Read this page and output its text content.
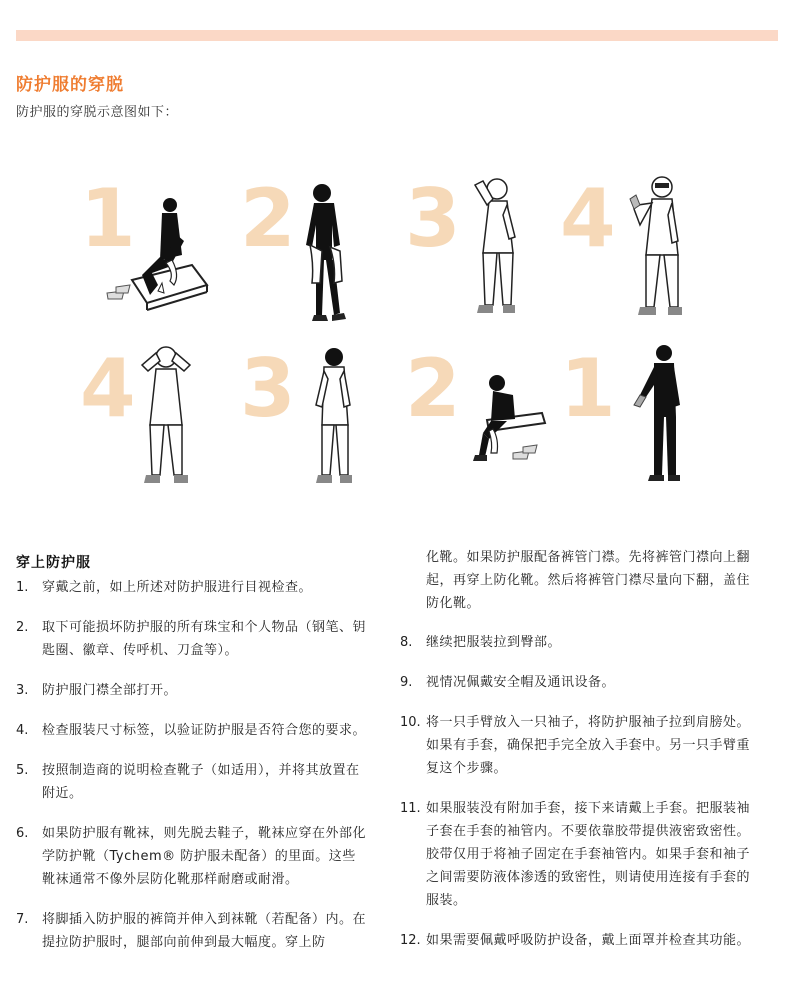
防护服的穿脱

防护服的穿脱示意图如下：

1 2 3 4
4 3 2 1
穿上防护服
1.	穿戴之前，如上所述对防护服进行目视检查。
2.	取下可能损坏防护服的所有珠宝和个人物品（钢笔、钥匙圈、徽章、传呼机、刀盒等）。
3.	防护服门襟全部打开。
4.	检查服装尺寸标签，以验证防护服是否符合您的要求。
5.	按照制造商的说明检查靴子（如适用），并将其放置在附近。
6.	如果防护服有靴袜，则先脱去鞋子，靴袜应穿在外部化学防护靴（Tychem® 防护服未配备）的里面。这些靴袜通常不像外层防化靴那样耐磨或耐滑。
7.	将脚插入防护服的裤筒并伸入到袜靴（若配备）内。在提拉防护服时，腿部向前伸到最大幅度。穿上防

化靴。如果防护服配备裤管门襟。先将裤管门襟向上翻起，再穿上防化靴。然后将裤管门襟尽量向下翻，盖住防化靴。

8.	继续把服装拉到臀部。
9.	视情况佩戴安全帽及通讯设备。
10. 将一只手臂放入一只袖子，将防护服袖子拉到肩膀处。如果有手套，确保把手完全放入手套中。另一只手臂重复这个步骤。
11. 如果服装没有附加手套，接下来请戴上手套。把服装袖子套在手套的袖管内。不要依靠胶带提供液密致密性。胶带仅用于将袖子固定在手套袖管内。如果手套和袖子之间需要防液体渗透的致密性，则请使用连接有手套的服装。
12. 如果需要佩戴呼吸防护设备，戴上面罩并检查其功能。
